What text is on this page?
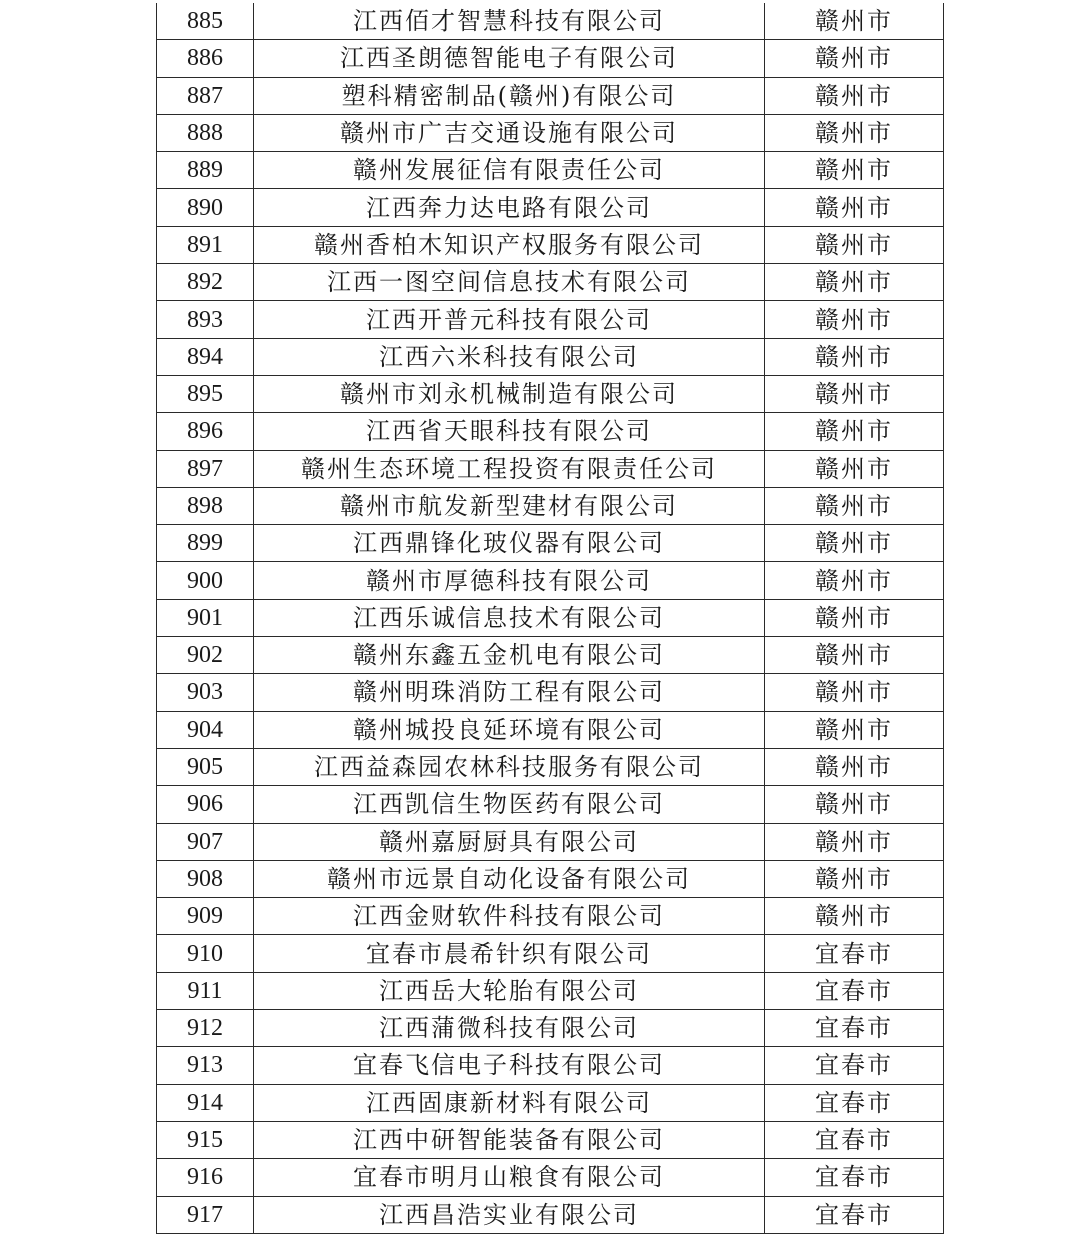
885	江西佰才智慧科技有限公司	赣州市
886	江西圣朗德智能电子有限公司	赣州市
887	塑科精密制品(赣州)有限公司	赣州市
888	赣州市广吉交通设施有限公司	赣州市
889	赣州发展征信有限责任公司	赣州市
890	江西奔力达电路有限公司	赣州市
891	赣州香柏木知识产权服务有限公司	赣州市
892	江西一图空间信息技术有限公司	赣州市
893	江西开普元科技有限公司	赣州市
894	江西六米科技有限公司	赣州市
895	赣州市刘永机械制造有限公司	赣州市
896	江西省天眼科技有限公司	赣州市
897	赣州生态环境工程投资有限责任公司	赣州市
898	赣州市航发新型建材有限公司	赣州市
899	江西鼎锋化玻仪器有限公司	赣州市
900	赣州市厚德科技有限公司	赣州市
901	江西乐诚信息技术有限公司	赣州市
902	赣州东鑫五金机电有限公司	赣州市
903	赣州明珠消防工程有限公司	赣州市
904	赣州城投良延环境有限公司	赣州市
905	江西益森园农林科技服务有限公司	赣州市
906	江西凯信生物医药有限公司	赣州市
907	赣州嘉厨厨具有限公司	赣州市
908	赣州市远景自动化设备有限公司	赣州市
909	江西金财软件科技有限公司	赣州市
910	宜春市晨希针织有限公司	宜春市
911	江西岳大轮胎有限公司	宜春市
912	江西蒲微科技有限公司	宜春市
913	宜春飞信电子科技有限公司	宜春市
914	江西固康新材料有限公司	宜春市
915	江西中研智能装备有限公司	宜春市
916	宜春市明月山粮食有限公司	宜春市
917	江西昌浩实业有限公司	宜春市
